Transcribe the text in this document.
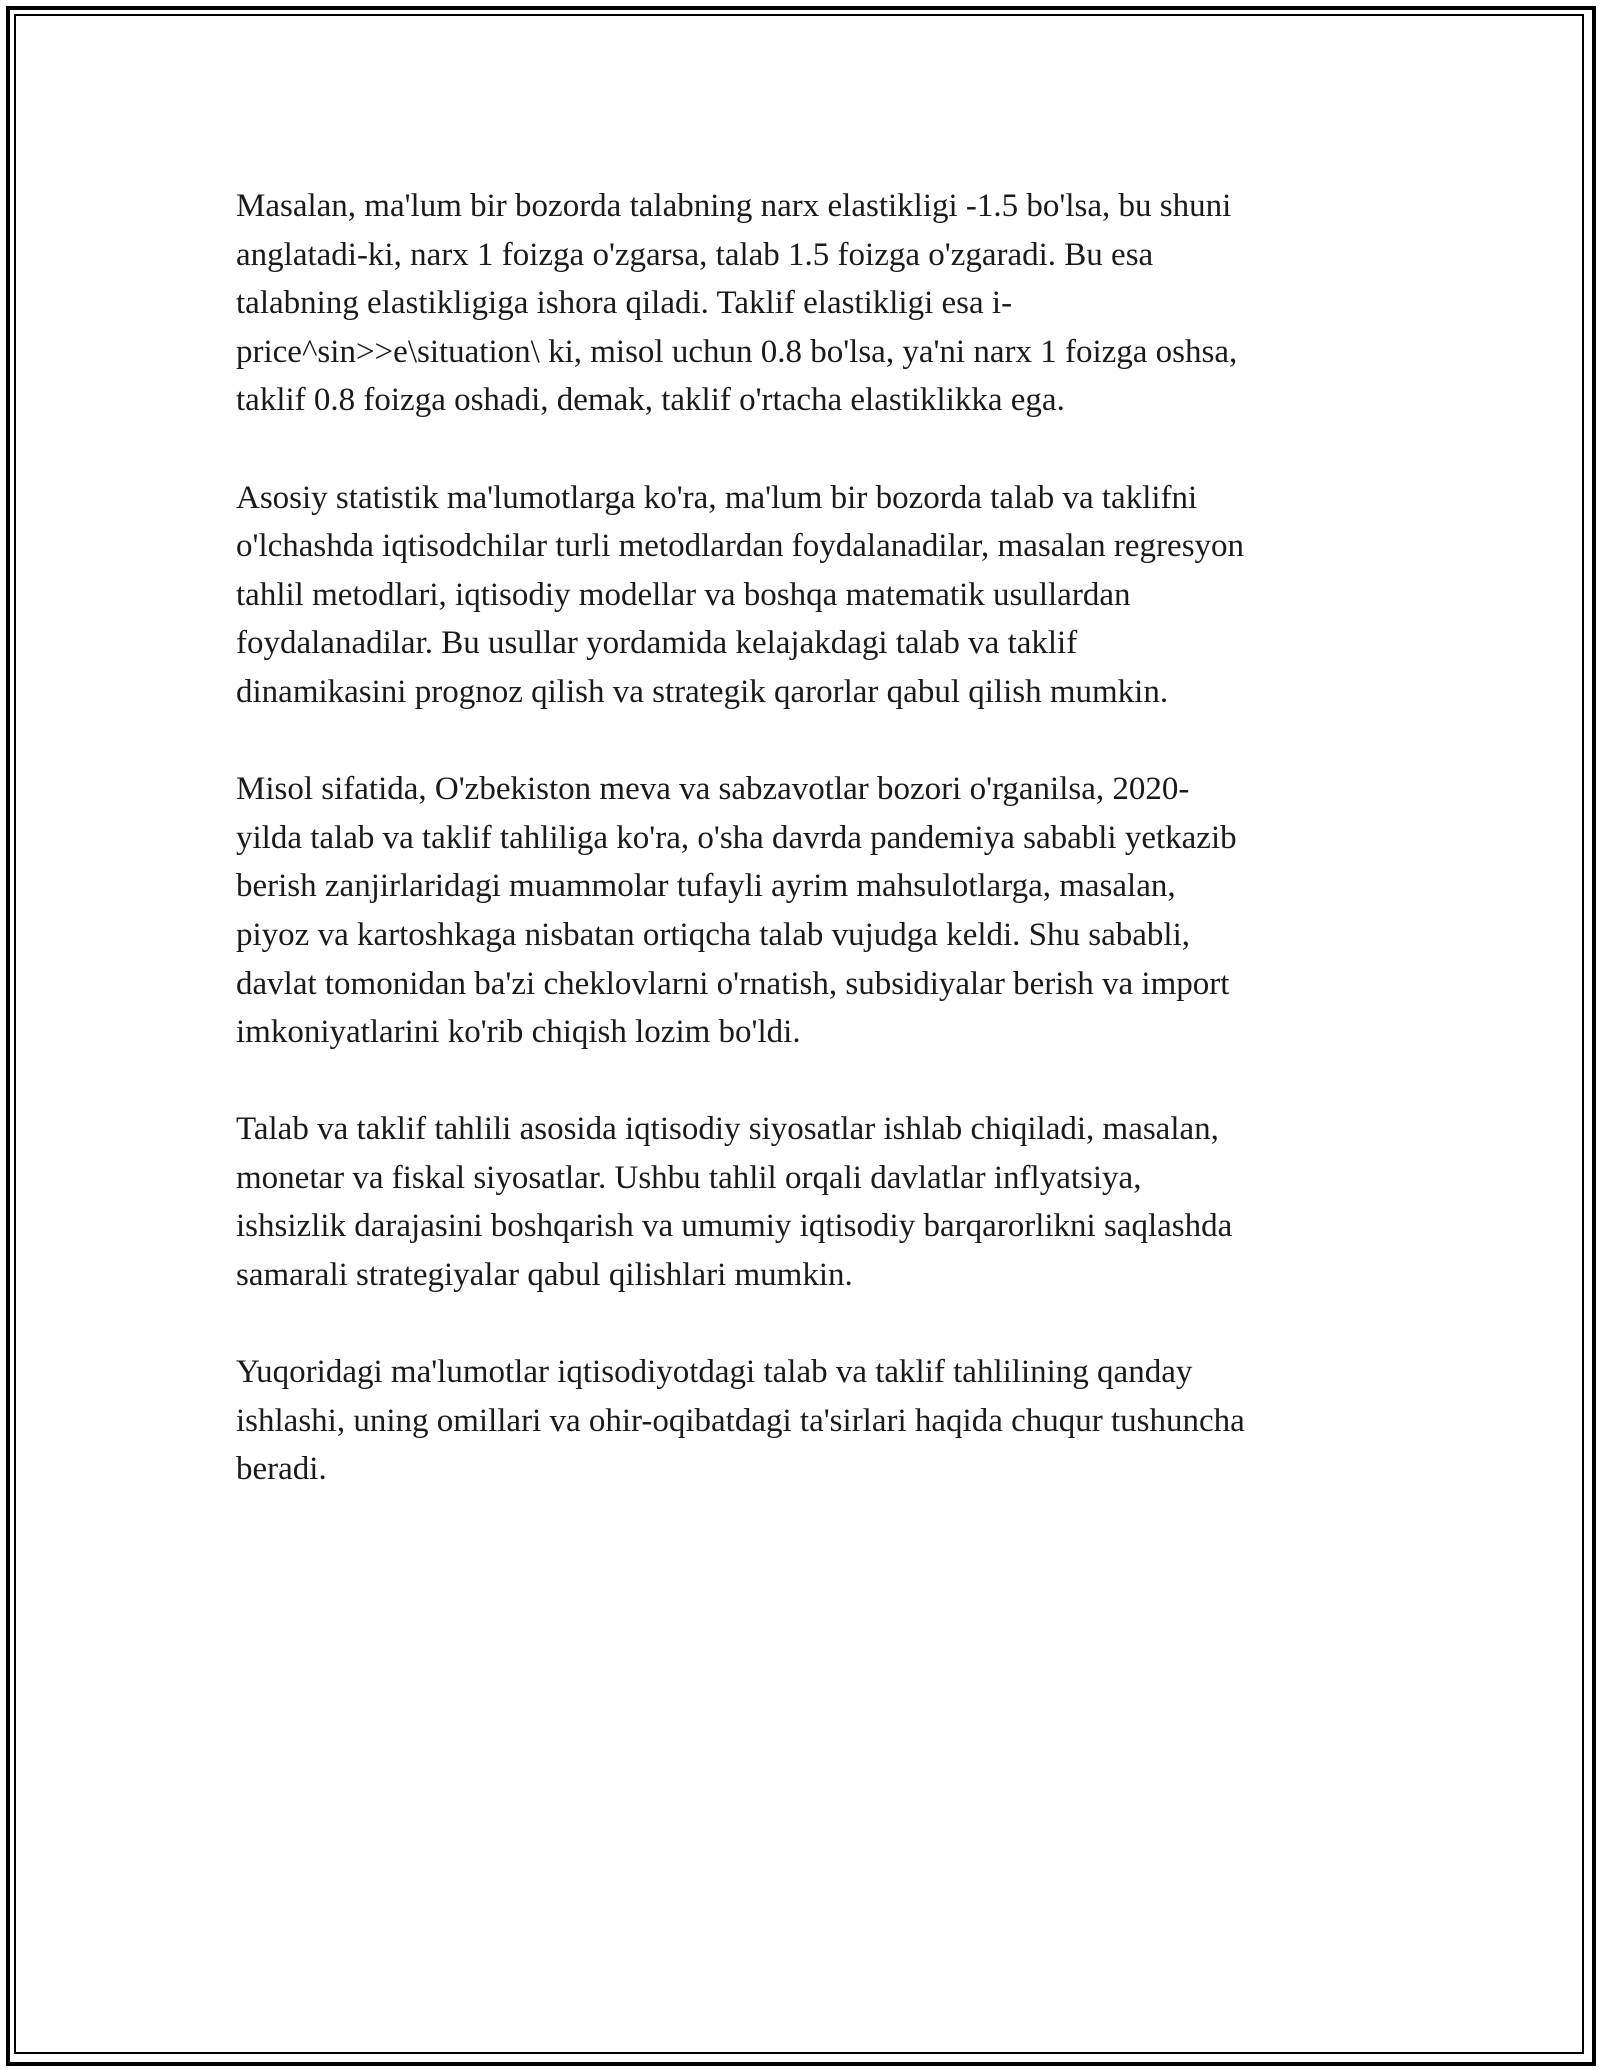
Masalan, ma'lum bir bozorda talabning narx elastikligi -1.5 bo'lsa, bu shuni
anglatadi-ki, narx 1 foizga o'zgarsa, talab 1.5 foizga o'zgaradi. Bu esa
talabning elastikligiga ishora qiladi. Taklif elastikligi esa i-
price^sin>>e\situation\ ki, misol uchun 0.8 bo'lsa, ya'ni narx 1 foizga oshsa,
taklif 0.8 foizga oshadi, demak, taklif o'rtacha elastiklikka ega.

Asosiy statistik ma'lumotlarga ko'ra, ma'lum bir bozorda talab va taklifni
o'lchashda iqtisodchilar turli metodlardan foydalanadilar, masalan regresyon
tahlil metodlari, iqtisodiy modellar va boshqa matematik usullardan
foydalanadilar. Bu usullar yordamida kelajakdagi talab va taklif
dinamikasini prognoz qilish va strategik qarorlar qabul qilish mumkin.

Misol sifatida, O'zbekiston meva va sabzavotlar bozori o'rganilsa, 2020-
yilda talab va taklif tahliliga ko'ra, o'sha davrda pandemiya sababli yetkazib
berish zanjirlaridagi muammolar tufayli ayrim mahsulotlarga, masalan,
piyoz va kartoshkaga nisbatan ortiqcha talab vujudga keldi. Shu sababli,
davlat tomonidan ba'zi cheklovlarni o'rnatish, subsidiyalar berish va import
imkoniyatlarini ko'rib chiqish lozim bo'ldi.

Talab va taklif tahlili asosida iqtisodiy siyosatlar ishlab chiqiladi, masalan,
monetar va fiskal siyosatlar. Ushbu tahlil orqali davlatlar inflyatsiya,
ishsizlik darajasini boshqarish va umumiy iqtisodiy barqarorlikni saqlashda
samarali strategiyalar qabul qilishlari mumkin.

Yuqoridagi ma'lumotlar iqtisodiyotdagi talab va taklif tahlilining qanday
ishlashi, uning omillari va ohir-oqibatdagi ta'sirlari haqida chuqur tushuncha
beradi.
